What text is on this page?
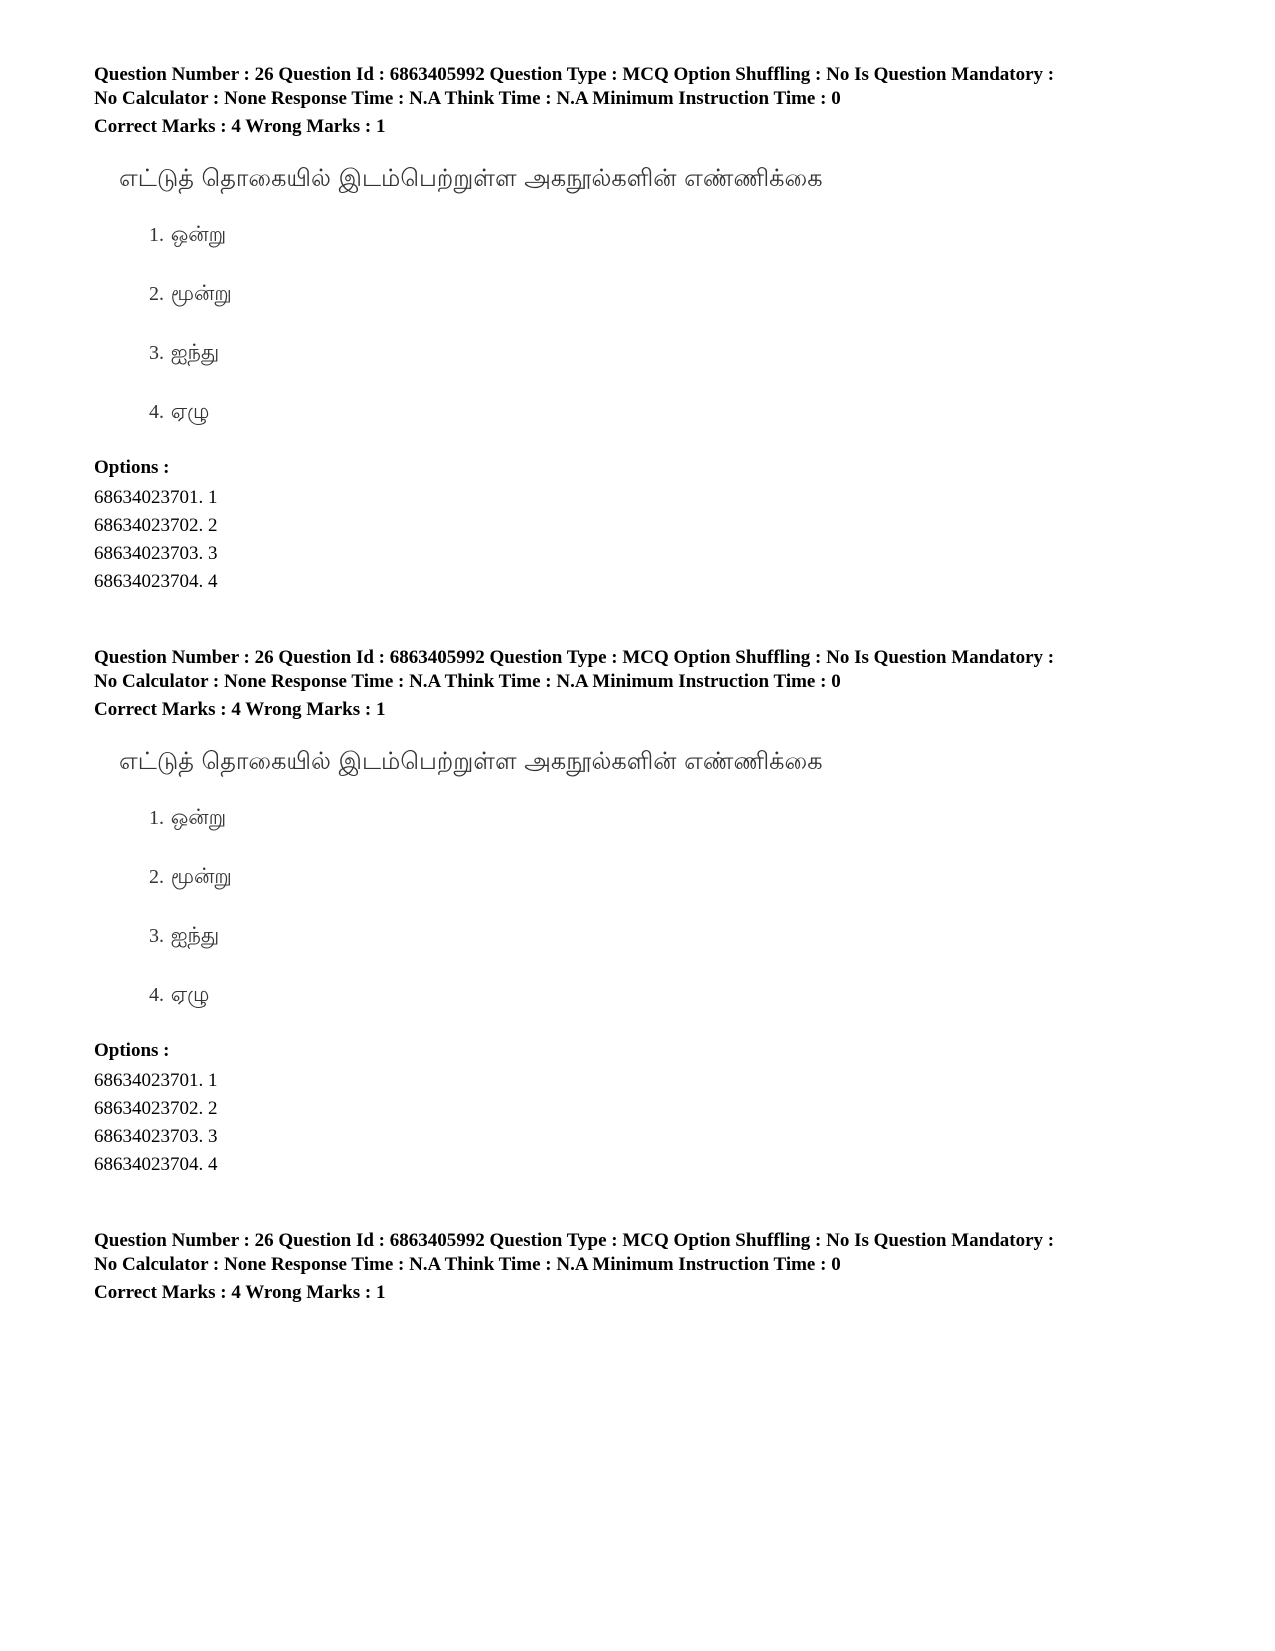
Question Number : 26 Question Id : 6863405992 Question Type : MCQ Option Shuffling : No Is Question Mandatory :
No Calculator : None Response Time : N.A Think Time : N.A Minimum Instruction Time : 0

Correct Marks : 4 Wrong Marks : 1

எட்டுத் தொகையில் இடம்பெற்றுள்ள அகநூல்களின் எண்ணிக்கை

1. ஒன்று
2. மூன்று
3. ஐந்து
4. ஏழு

Options :

68634023701. 1
68634023702. 2
68634023703. 3
68634023704. 4

Question Number : 26 Question Id : 6863405992 Question Type : MCQ Option Shuffling : No Is Question Mandatory :
No Calculator : None Response Time : N.A Think Time : N.A Minimum Instruction Time : 0

Correct Marks : 4 Wrong Marks : 1

எட்டுத் தொகையில் இடம்பெற்றுள்ள அகநூல்களின் எண்ணிக்கை

1. ஒன்று
2. மூன்று
3. ஐந்து
4. ஏழு

Options :

68634023701. 1
68634023702. 2
68634023703. 3
68634023704. 4

Question Number : 26 Question Id : 6863405992 Question Type : MCQ Option Shuffling : No Is Question Mandatory :
No Calculator : None Response Time : N.A Think Time : N.A Minimum Instruction Time : 0

Correct Marks : 4 Wrong Marks : 1
